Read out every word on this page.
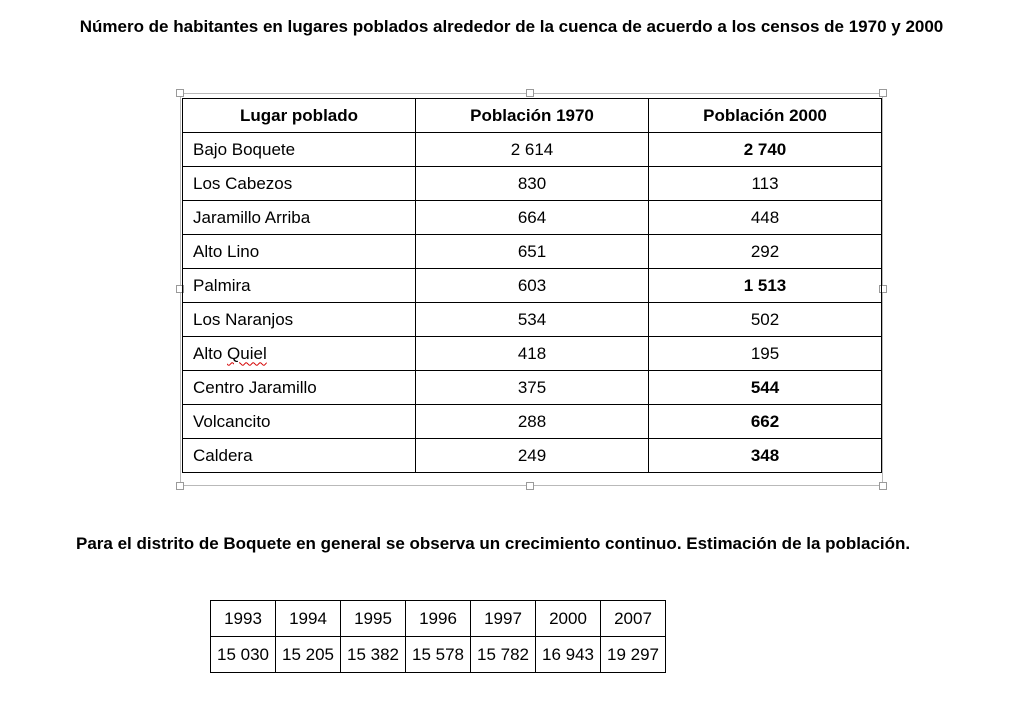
Número de habitantes en lugares poblados alrededor de la cuenca de acuerdo a los censos de 1970 y 2000
Lugar poblado	Población 1970	Población 2000
Bajo Boquete	2 614	2 740
Los Cabezos	830	113
Jaramillo Arriba	664	448
Alto Lino	651	292
Palmira	603	1 513
Los Naranjos	534	502
Alto Quiel	418	195
Centro Jaramillo	375	544
Volcancito	288	662
Caldera	249	348
Para el distrito de Boquete en general se observa un crecimiento continuo. Estimación de la población.
1993	1994	1995	1996	1997	2000	2007
15 030	15 205	15 382	15 578	15 782	16 943	19 297
